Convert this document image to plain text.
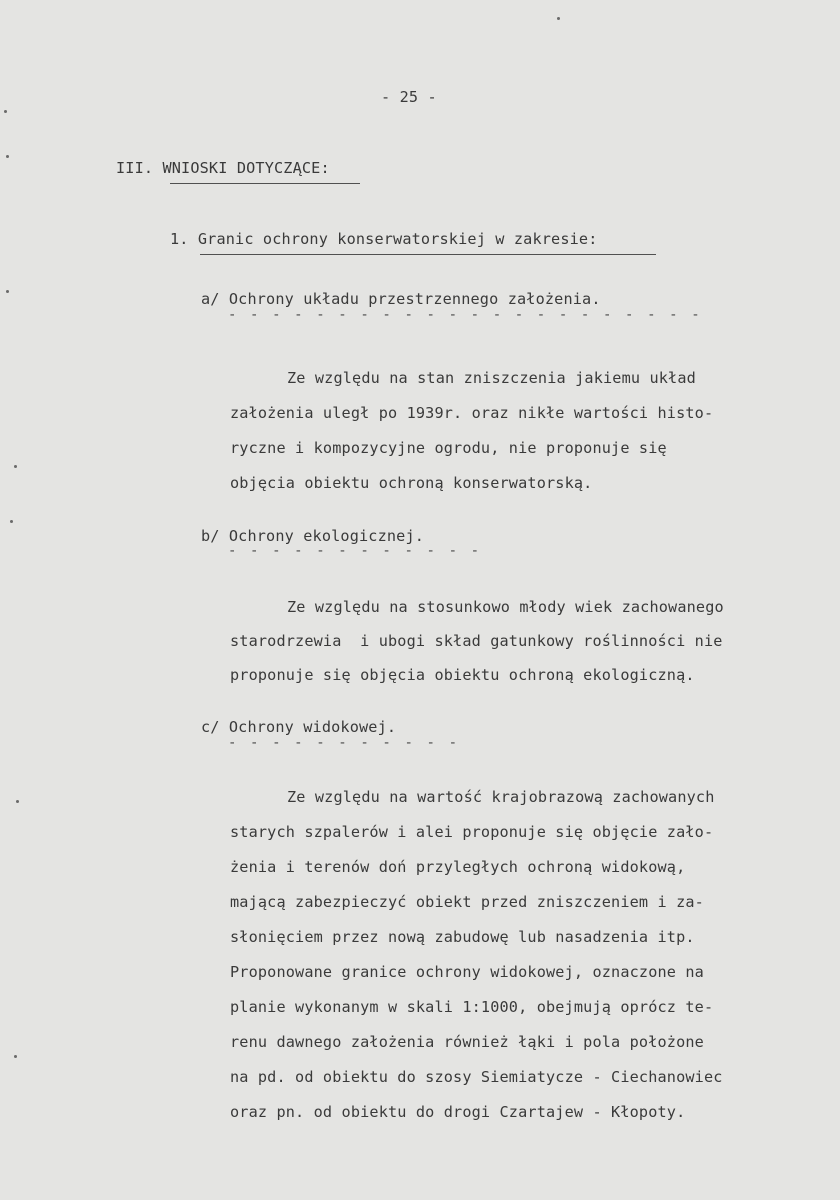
- 25 -
III. WNIOSKI DOTYCZĄCE:
1. Granic ochrony konserwatorskiej w zakresie:
a/ Ochrony układu przestrzennego założenia.
- - - - - - - - - - - - - - - - - - - - - -
Ze względu na stan zniszczenia jakiemu układ
założenia uległ po 1939r. oraz nikłe wartości histo-
ryczne i kompozycyjne ogrodu, nie proponuje się
objęcia obiektu ochroną konserwatorską.
b/ Ochrony ekologicznej.
- - - - - - - - - - - -
Ze względu na stosunkowo młody wiek zachowanego
starodrzewia  i ubogi skład gatunkowy roślinności nie
proponuje się objęcia obiektu ochroną ekologiczną.
c/ Ochrony widokowej.
- - - - - - - - - - -
Ze względu na wartość krajobrazową zachowanych
starych szpalerów i alei proponuje się objęcie zało-
żenia i terenów doń przyległych ochroną widokową,
mającą zabezpieczyć obiekt przed zniszczeniem i za-
słonięciem przez nową zabudowę lub nasadzenia itp.
Proponowane granice ochrony widokowej, oznaczone na
planie wykonanym w skali 1:1000, obejmują oprócz te-
renu dawnego założenia również łąki i pola położone
na pd. od obiektu do szosy Siemiatycze - Ciechanowiec
oraz pn. od obiektu do drogi Czartajew - Kłopoty.
